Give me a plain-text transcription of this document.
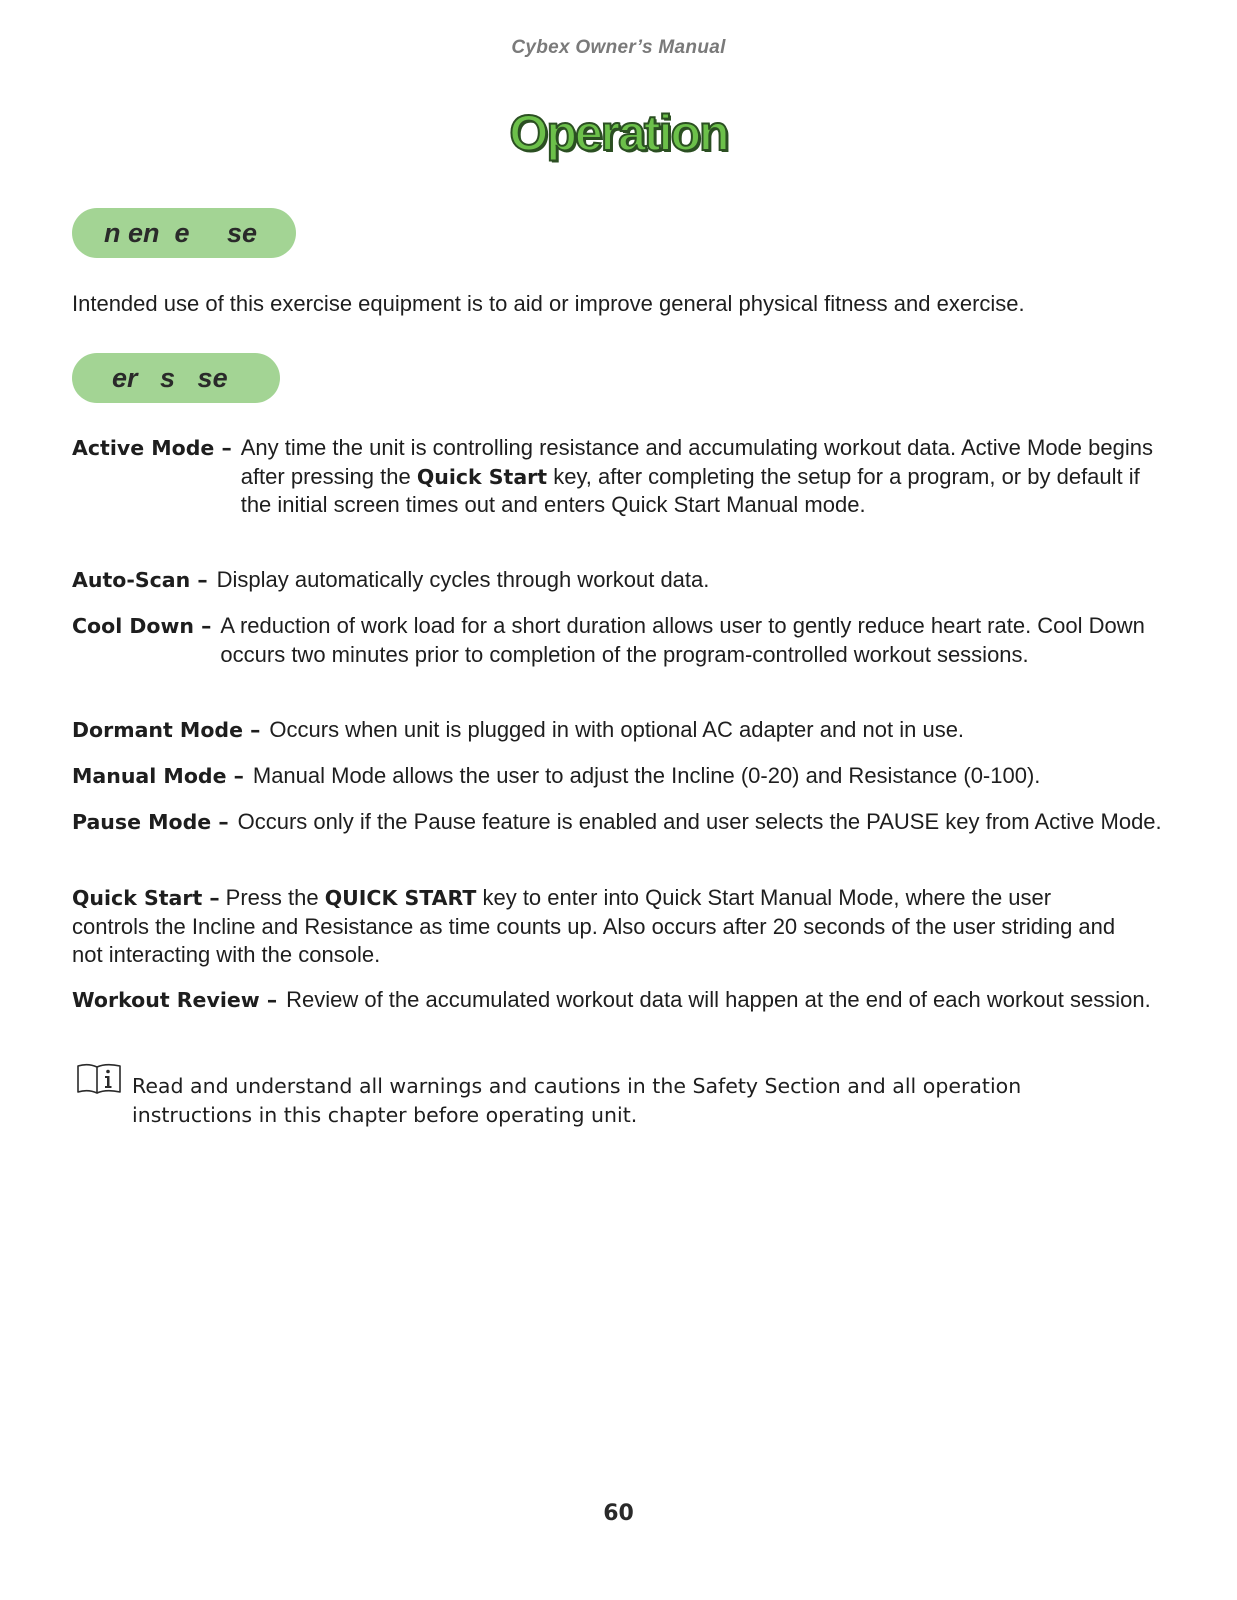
Cybex Owner’s Manual
Operation
n en  e     se
Intended use of this exercise equipment is to aid or improve general physical fitness and exercise.
er   s   se
Active Mode – Any time the unit is controlling resistance and accumulating workout data. Active Mode begins after pressing the Quick Start key, after completing the setup for a program, or by default if the initial screen times out and enters Quick Start Manual mode.
Auto-Scan – Display automatically cycles through workout data.
Cool Down – A reduction of work load for a short duration allows user to gently reduce heart rate. Cool Down occurs two minutes prior to completion of the program-controlled workout sessions.
Dormant Mode – Occurs when unit is plugged in with optional AC adapter and not in use.
Manual Mode – Manual Mode allows the user to adjust the Incline (0-20) and Resistance (0-100).
Pause Mode – Occurs only if the Pause feature is enabled and user selects the PAUSE key from Active Mode.
Quick Start – Press the QUICK START key to enter into Quick Start Manual Mode, where the user controls the Incline and Resistance as time counts up. Also occurs after 20 seconds of the user striding and not interacting with the console.
Workout Review – Review of the accumulated workout data will happen at the end of each workout session.
Read and understand all warnings and cautions in the Safety Section and all operation instructions in this chapter before operating unit.
60
